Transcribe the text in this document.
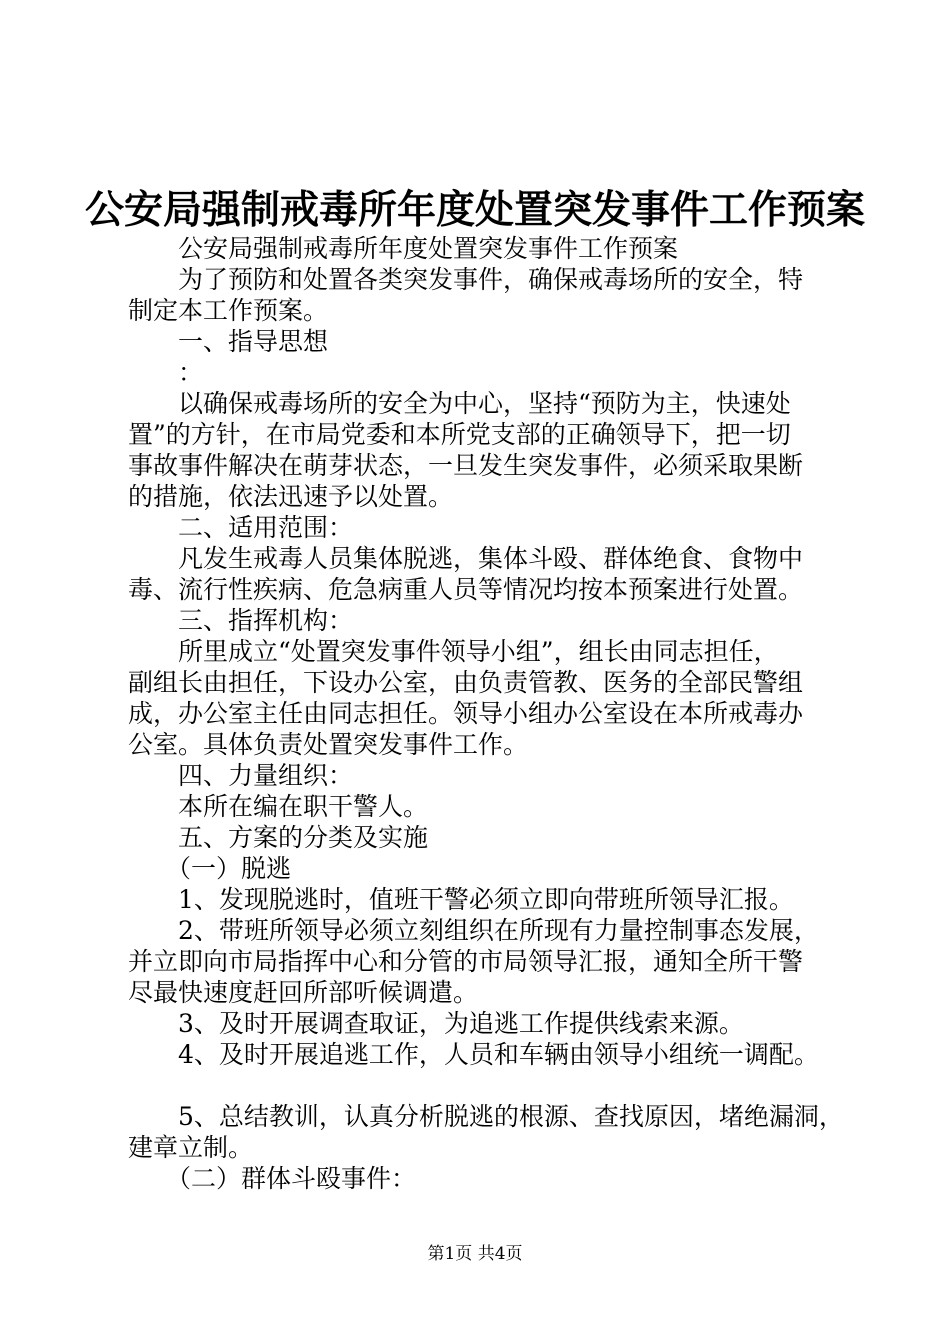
公安局强制戒毒所年度处置突发事件工作预案

公安局强制戒毒所年度处置突发事件工作预案

为了预防和处置各类突发事件，确保戒毒场所的安全，特

制定本工作预案。

一、指导思想

：

以确保戒毒场所的安全为中心，坚持“预防为主，快速处

置”的方针，在市局党委和本所党支部的正确领导下，把一切

事故事件解决在萌芽状态，一旦发生突发事件，必须采取果断

的措施，依法迅速予以处置。

二、适用范围：

凡发生戒毒人员集体脱逃，集体斗殴、群体绝食、食物中

毒、流行性疾病、危急病重人员等情况均按本预案进行处置。

三、指挥机构：

所里成立“处置突发事件领导小组”，组长由同志担任，

副组长由担任，下设办公室，由负责管教、医务的全部民警组

成，办公室主任由同志担任。领导小组办公室设在本所戒毒办

公室。具体负责处置突发事件工作。

四、力量组织：

本所在编在职干警人。

五、方案的分类及实施

（一）脱逃

1、发现脱逃时，值班干警必须立即向带班所领导汇报。

2、带班所领导必须立刻组织在所现有力量控制事态发展，

并立即向市局指挥中心和分管的市局领导汇报，通知全所干警

尽最快速度赶回所部听候调遣。

3、及时开展调查取证，为追逃工作提供线索来源。

4、及时开展追逃工作，人员和车辆由领导小组统一调配。

5、总结教训，认真分析脱逃的根源、查找原因，堵绝漏洞，

建章立制。

（二）群体斗殴事件：

第1页 共4页
